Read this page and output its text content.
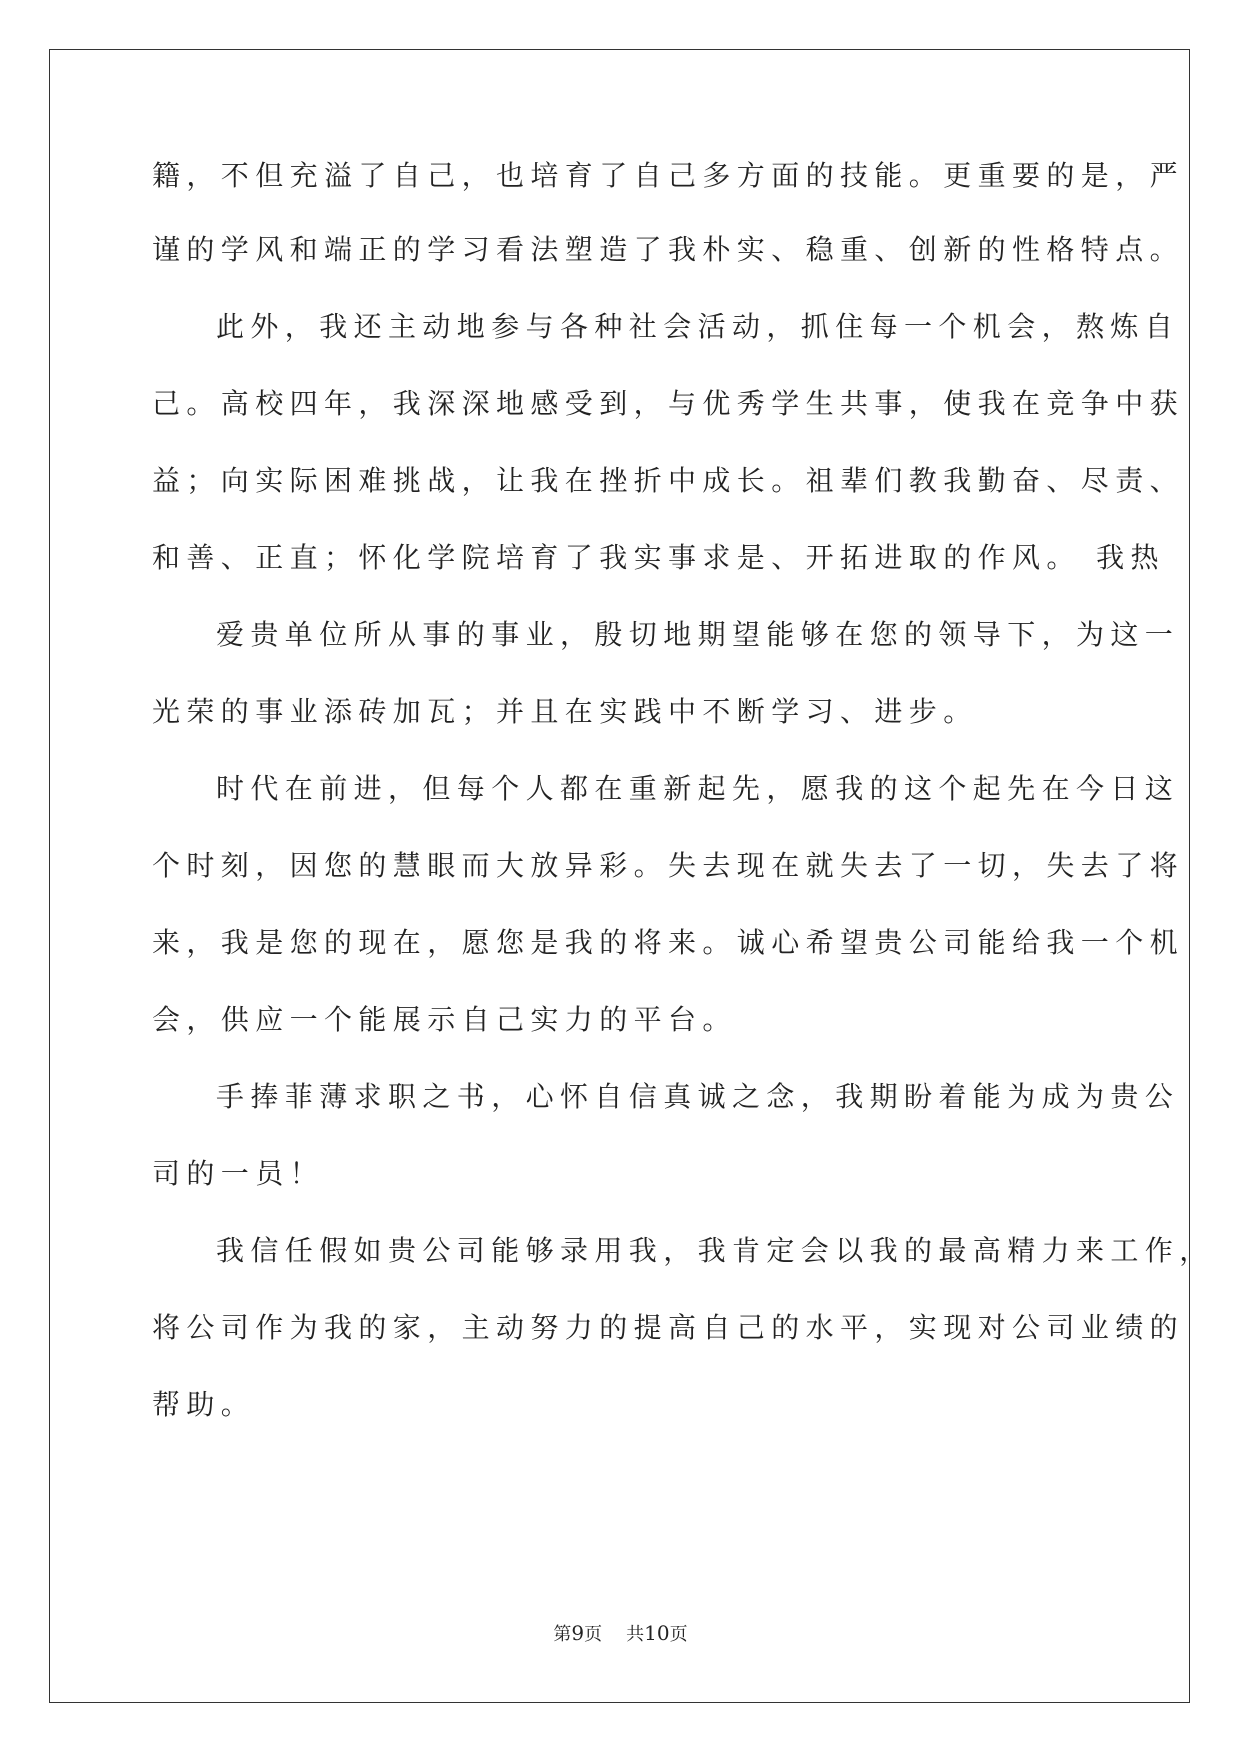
籍，不但充溢了自己，也培育了自己多方面的技能。更重要的是，严
谨的学风和端正的学习看法塑造了我朴实、稳重、创新的性格特点。
此外，我还主动地参与各种社会活动，抓住每一个机会，熬炼自
己。高校四年，我深深地感受到，与优秀学生共事，使我在竞争中获
益；向实际困难挑战，让我在挫折中成长。祖辈们教我勤奋、尽责、
和善、正直；怀化学院培育了我实事求是、开拓进取的作风。 我热
爱贵单位所从事的事业，殷切地期望能够在您的领导下，为这一
光荣的事业添砖加瓦；并且在实践中不断学习、进步。
时代在前进，但每个人都在重新起先，愿我的这个起先在今日这
个时刻，因您的慧眼而大放异彩。失去现在就失去了一切，失去了将
来，我是您的现在，愿您是我的将来。诚心希望贵公司能给我一个机
会，供应一个能展示自己实力的平台。
手捧菲薄求职之书，心怀自信真诚之念，我期盼着能为成为贵公
司的一员！
我信任假如贵公司能够录用我，我肯定会以我的最高精力来工作，
将公司作为我的家，主动努力的提高自己的水平，实现对公司业绩的
帮助。
第9页 共10页
